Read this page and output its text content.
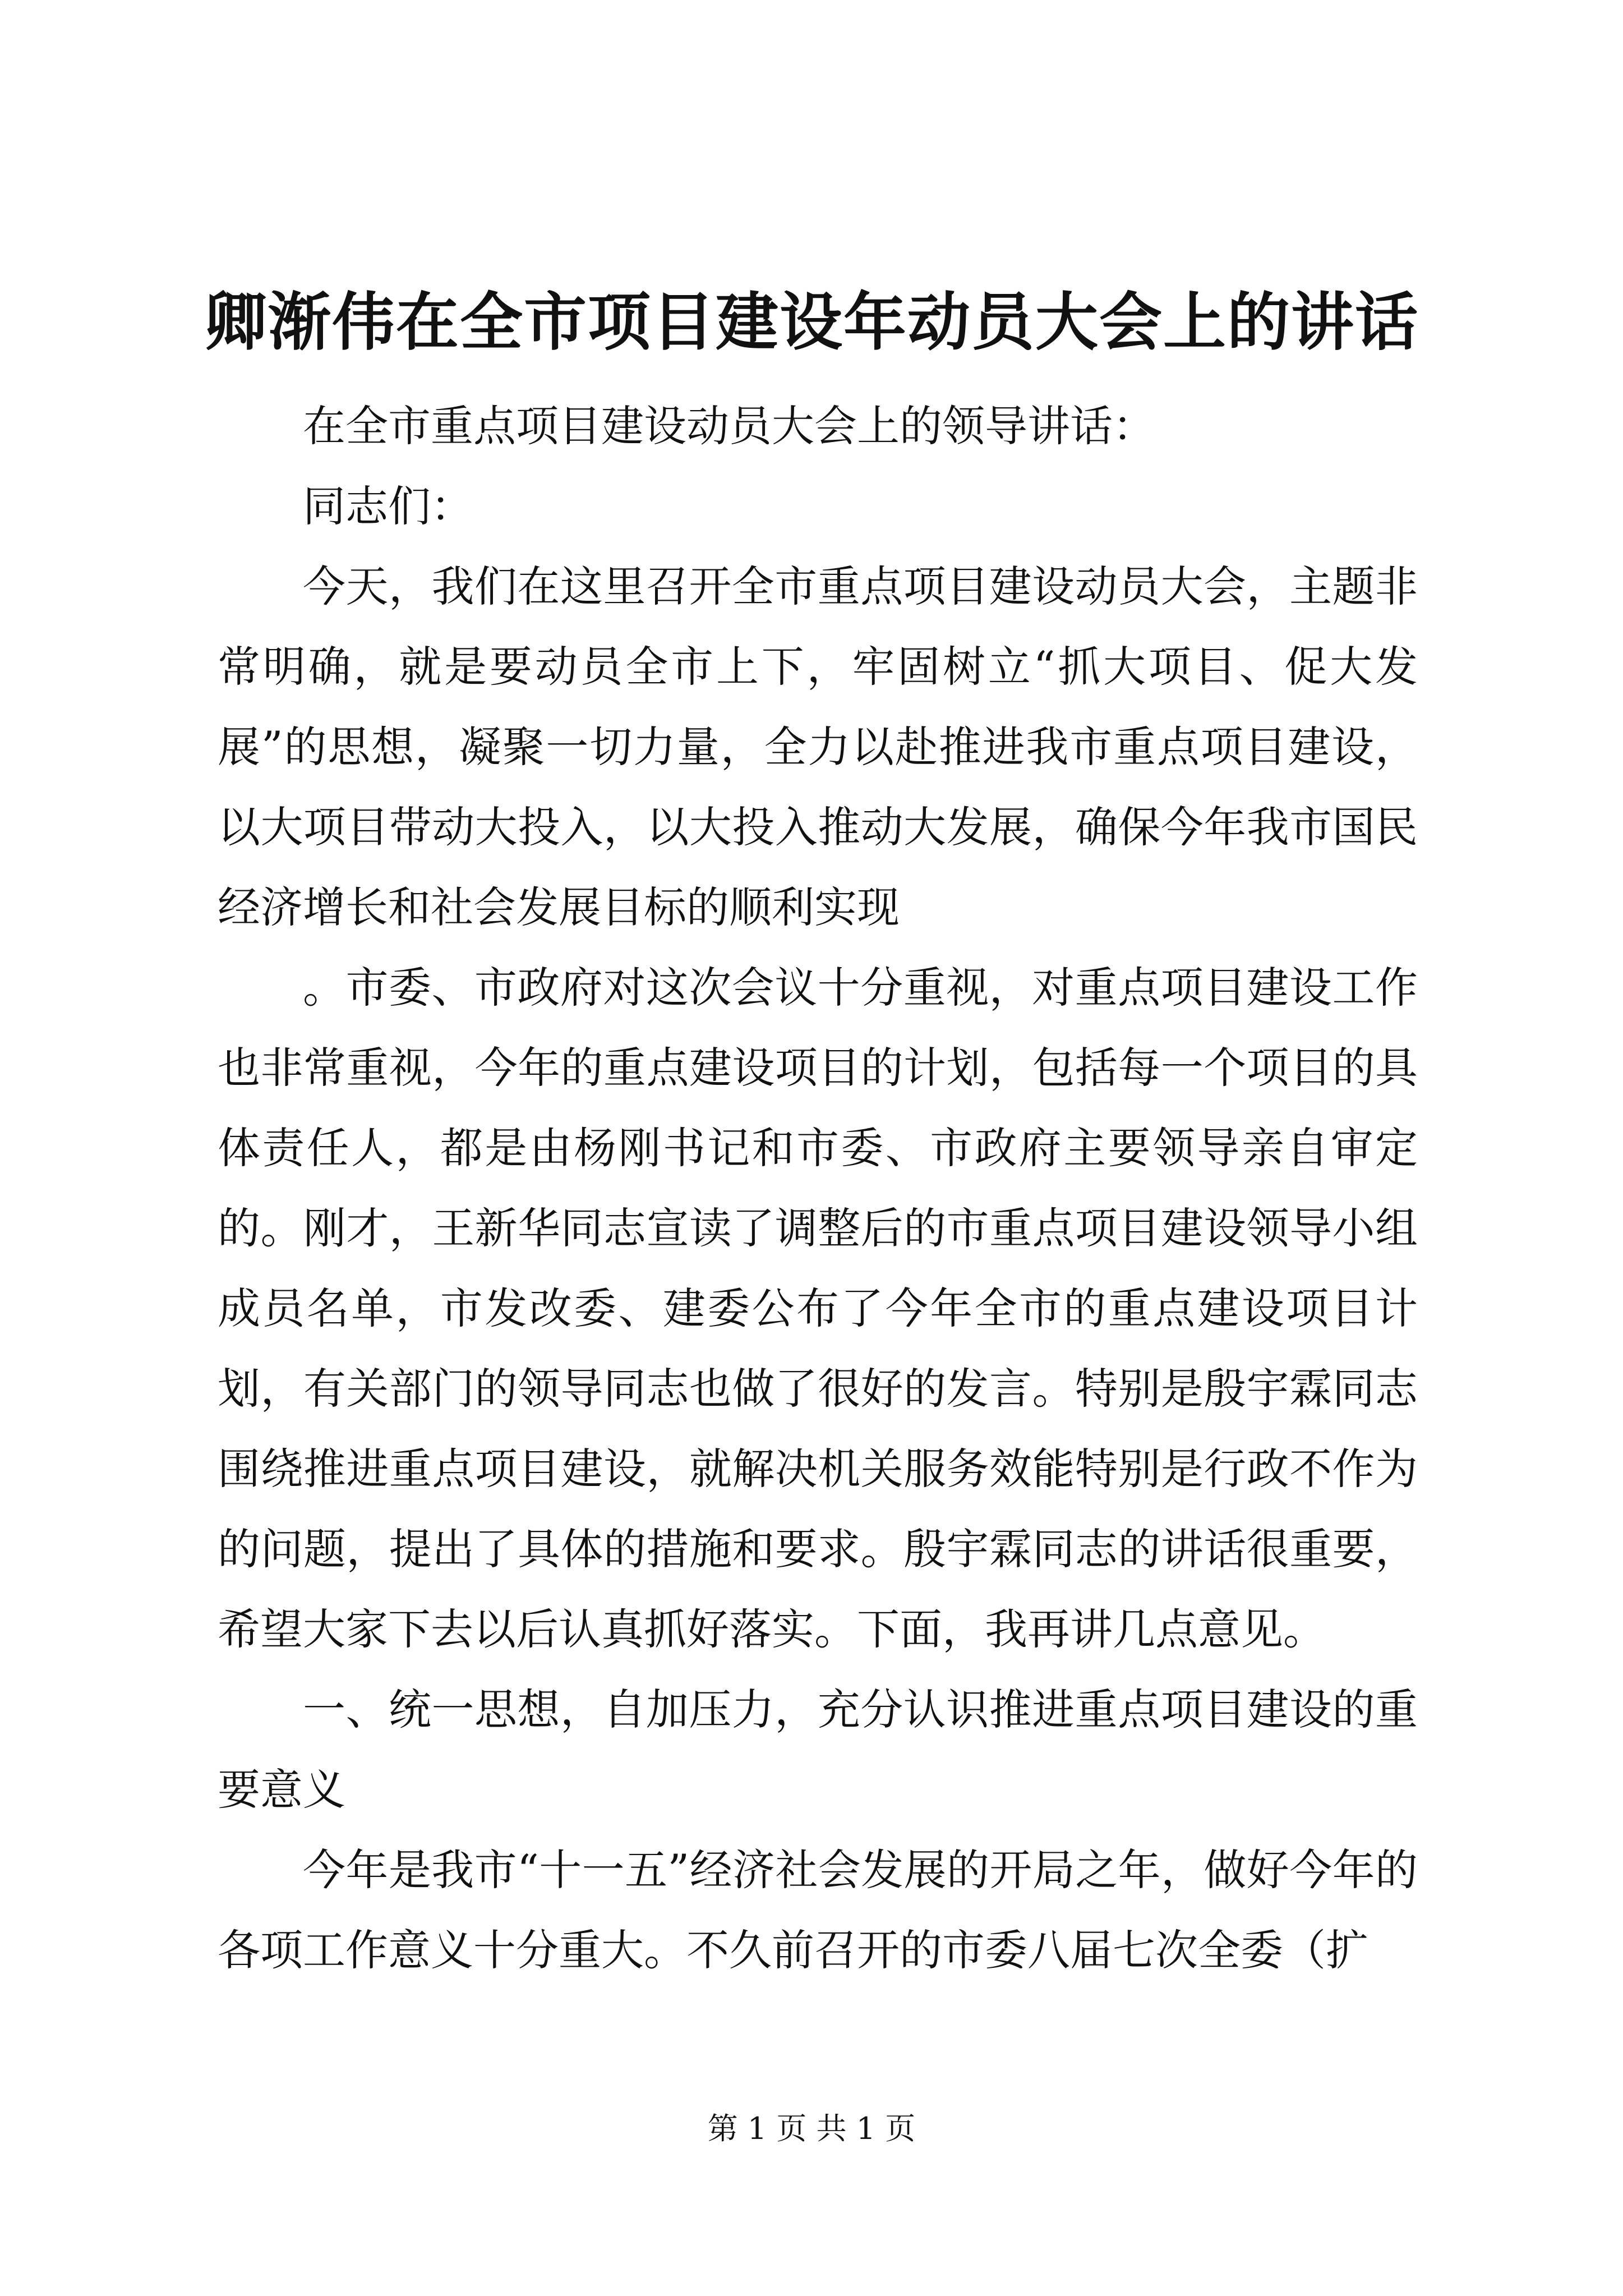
卿渐伟在全市项目建设年动员大会上的讲话

在全市重点项目建设动员大会上的领导讲话：

同志们：

今天，我们在这里召开全市重点项目建设动员大会，主题非常明确，就是要动员全市上下，牢固树立“抓大项目、促大发展”的思想，凝聚一切力量，全力以赴推进我市重点项目建设，以大项目带动大投入，以大投入推动大发展，确保今年我市国民经济增长和社会发展目标的顺利实现

。市委、市政府对这次会议十分重视，对重点项目建设工作也非常重视，今年的重点建设项目的计划，包括每一个项目的具体责任人，都是由杨刚书记和市委、市政府主要领导亲自审定的。刚才，王新华同志宣读了调整后的市重点项目建设领导小组成员名单，市发改委、建委公布了今年全市的重点建设项目计划，有关部门的领导同志也做了很好的发言。特别是殷宇霖同志围绕推进重点项目建设，就解决机关服务效能特别是行政不作为的问题，提出了具体的措施和要求。殷宇霖同志的讲话很重要，希望大家下去以后认真抓好落实。下面，我再讲几点意见。

一、统一思想，自加压力，充分认识推进重点项目建设的重要意义

今年是我市“十一五”经济社会发展的开局之年，做好今年的各项工作意义十分重大。不久前召开的市委八届七次全委（扩

第 1 页 共 1 页
